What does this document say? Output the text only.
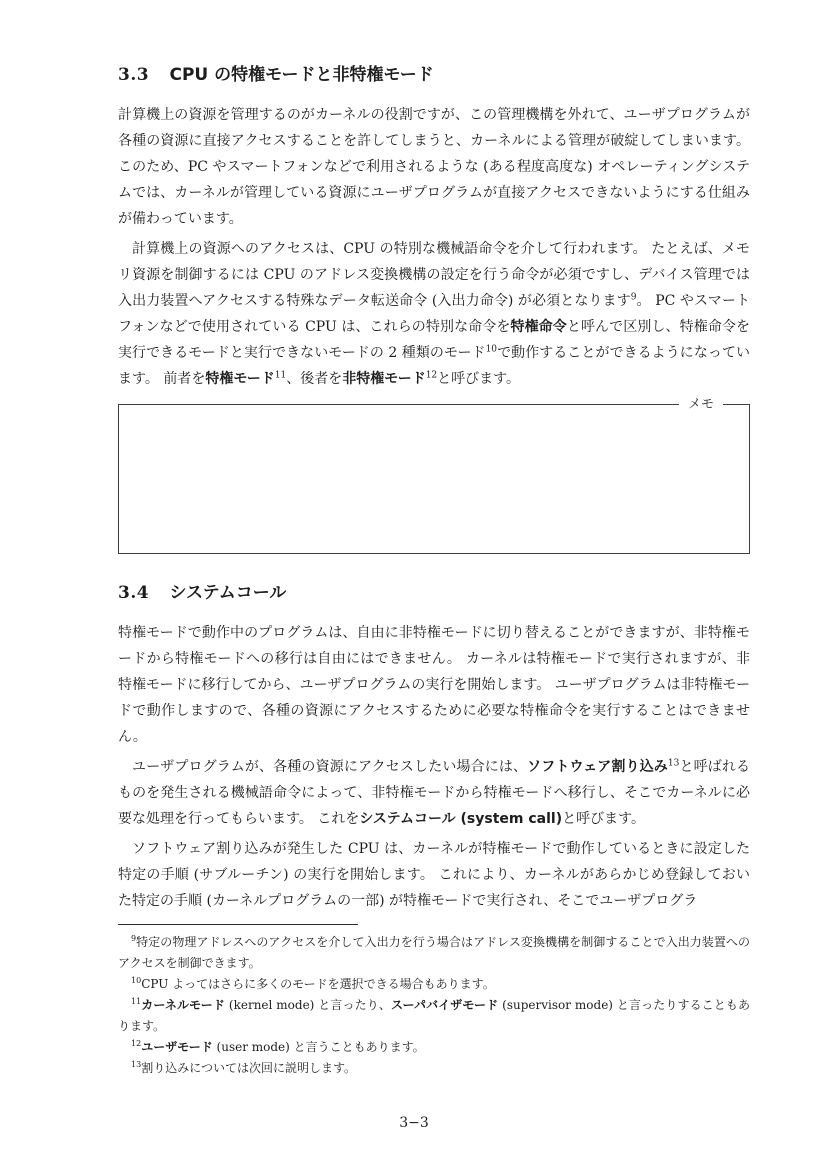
3.3 CPU の特権モードと非特権モード

計算機上の資源を管理するのがカーネルの役割ですが、この管理機構を外れて、ユーザプログラムが各種の資源に直接アクセスすることを許してしまうと、カーネルによる管理が破綻してしまいます。 このため、PC やスマートフォンなどで利用されるような (ある程度高度な) オペレーティングシステムでは、カーネルが管理している資源にユーザプログラムが直接アクセスできないようにする仕組みが備わっています。

計算機上の資源へのアクセスは、CPU の特別な機械語命令を介して行われます。 たとえば、メモリ資源を制御するには CPU のアドレス変換機構の設定を行う命令が必須ですし、デバイス管理では入出力装置へアクセスする特殊なデータ転送命令 (入出力命令) が必須となります$^9$。 PC やスマートフォンなどで使用されている CPU は、これらの特別な命令を特権命令と呼んで区別し、特権命令を実行できるモードと実行できないモードの 2 種類のモード$^{10}$で動作することができるようになっています。 前者を特権モード$^{11}$、後者を非特権モード$^{12}$と呼びます。

メモ
3.4 システムコール

特権モードで動作中のプログラムは、自由に非特権モードに切り替えることができますが、非特権モードから特権モードへの移行は自由にはできません。 カーネルは特権モードで実行されますが、非特権モードに移行してから、ユーザプログラムの実行を開始します。 ユーザプログラムは非特権モードで動作しますので、各種の資源にアクセスするために必要な特権命令を実行することはできません。

ユーザプログラムが、各種の資源にアクセスしたい場合には、ソフトウェア割り込み$^{13}$と呼ばれるものを発生される機械語命令によって、非特権モードから特権モードへ移行し、そこでカーネルに必要な処理を行ってもらいます。 これをシステムコール (system call)と呼びます。

ソフトウェア割り込みが発生した CPU は、カーネルが特権モードで動作しているときに設定した特定の手順 (サブルーチン) の実行を開始します。 これにより、カーネルがあらかじめ登録しておいた特定の手順 (カーネルプログラムの一部) が特権モードで実行され、そこでユーザプログラ

$^9$特定の物理アドレスへのアクセスを介して入出力を行う場合はアドレス変換機構を制御することで入出力装置へのアクセスを制御できます。
$^{10}$CPU よってはさらに多くのモードを選択できる場合もあります。
$^{11}$カーネルモード (kernel mode) と言ったり、スーパバイザモード (supervisor mode) と言ったりすることもあります。
$^{12}$ユーザモード (user mode) と言うこともあります。
$^{13}$割り込みについては次回に説明します。
3−3
